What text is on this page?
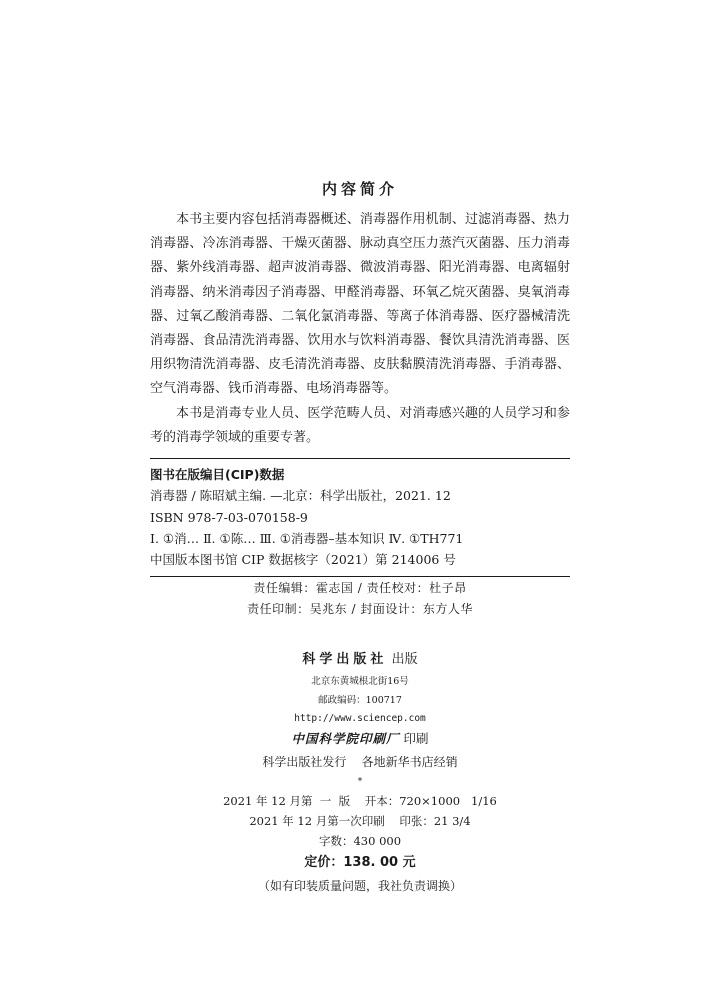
内容简介

本书主要内容包括消毒器概述、消毒器作用机制、过滤消毒器、热力消毒器、冷冻消毒器、干燥灭菌器、脉动真空压力蒸汽灭菌器、压力消毒器、紫外线消毒器、超声波消毒器、微波消毒器、阳光消毒器、电离辐射消毒器、纳米消毒因子消毒器、甲醛消毒器、环氧乙烷灭菌器、臭氧消毒器、过氧乙酸消毒器、二氧化氯消毒器、等离子体消毒器、医疗器械清洗消毒器、食品清洗消毒器、饮用水与饮料消毒器、餐饮具清洗消毒器、医用织物清洗消毒器、皮毛清洗消毒器、皮肤黏膜清洗消毒器、手消毒器、空气消毒器、钱币消毒器、电场消毒器等。

本书是消毒专业人员、医学范畴人员、对消毒感兴趣的人员学习和参考的消毒学领域的重要专著。

图书在版编目(CIP)数据
消毒器 / 陈昭斌主编. —北京：科学出版社，2021. 12
ISBN 978-7-03-070158-9
Ⅰ. ①消… Ⅱ. ①陈… Ⅲ. ①消毒器–基本知识 Ⅳ. ①TH771
中国版本图书馆 CIP 数据核字（2021）第 214006 号
责任编辑：霍志国 / 责任校对：杜子昂
责任印制：吴兆东 / 封面设计：东方人华
科学出版社 出版
北京东黄城根北街16号
邮政编码：100717
http://www.sciencep.com
中国科学院印刷厂 印刷
科学出版社发行    各地新华书店经销
*
2021 年 12 月第  一  版    开本：720×1000   1/16
2021 年 12 月第一次印刷    印张：21 3/4
字数：430 000
定价：138. 00 元
（如有印装质量问题，我社负责调换）
